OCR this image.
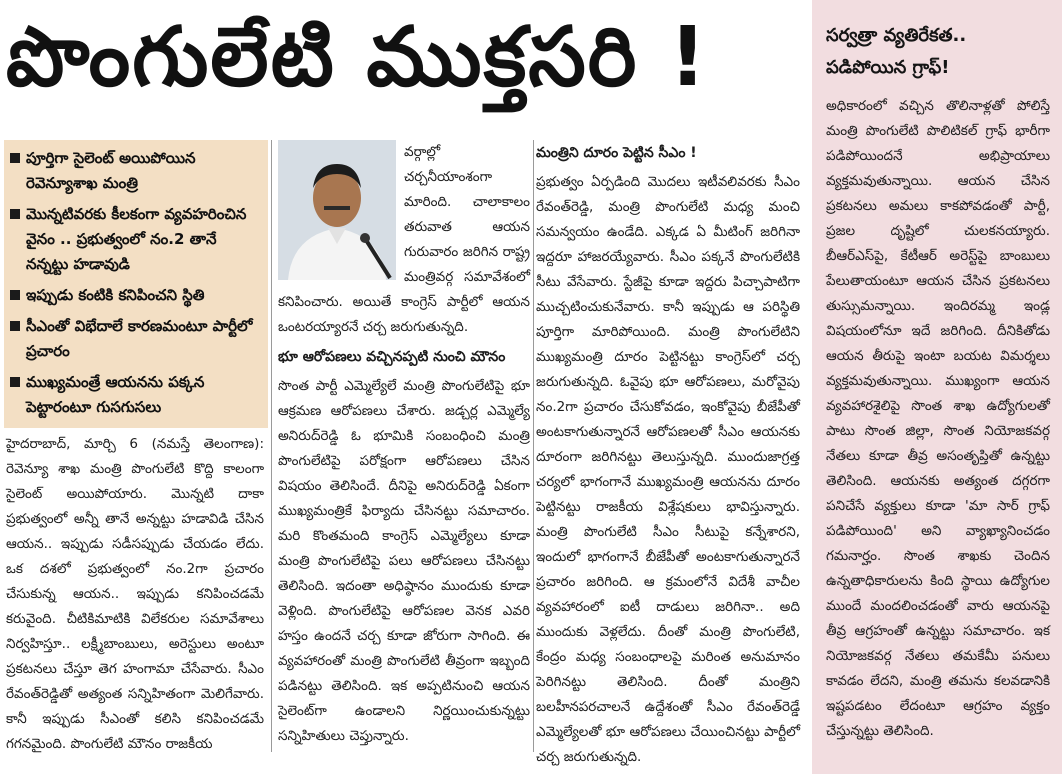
పొంగులేటి ముక్తసరి !
పూర్తిగా సైలెంట్ అయిపోయిన రెవెన్యూశాఖ మంత్రి
మొన్నటివరకు కీలకంగా వ్యవహరించిన వైనం .. ప్రభుత్వంలో నం.2 తానే నన్నట్టు హడావుడి
ఇప్పుడు కంటికి కనిపించని స్థితి
సీఎంతో విభేదాలే కారణమంటూ పార్టీలో ప్రచారం
ముఖ్యమంత్రే ఆయనను పక్కన పెట్టారంటూ గుసగుసలు

హైదరాబాద్, మార్చి 6 (నమస్తే తెలంగాణ): రెవెన్యూ శాఖ మంత్రి పొంగులేటి కొద్ది కాలంగా సైలెంట్ అయిపోయారు. మొన్నటి దాకా ప్రభుత్వంలో అన్నీ తానే అన్నట్టు హడావిడి చేసిన ఆయన.. ఇప్పుడు సడీసప్పుడు చేయడం లేదు. ఒక దశలో ప్రభుత్వంలో నం.2గా ప్రచారం చేసుకున్న ఆయన.. ఇప్పుడు కనిపించడమే కరువైంది. చీటికిమాటికి విలేకరుల సమావేశాలు నిర్వహిస్తూ.. లక్ష్మీబాంబులు, అరెస్టులు అంటూ ప్రకటనలు చేస్తూ తెగ హంగామా చేసేవారు. సీఎం రేవంత్‌రెడ్డితో అత్యంత సన్నిహితంగా మెలిగేవారు. కానీ ఇప్పుడు సీఎంతో కలిసి కనిపించడమే గగనమైంది. పొంగులేటి మౌనం రాజకీయ

వర్గాల్లో చర్చనీయాంశంగా మారింది. చాలాకాలం తరువాత ఆయన గురువారం జరిగిన రాష్ట్ర మంత్రివర్గ సమావేశంలో కనిపించారు. అయితే కాంగ్రెస్ పార్టీలో ఆయన ఒంటరయ్యారనే చర్చ జరుగుతున్నది.

భూ ఆరోపణలు వచ్చినప్పటి నుంచి మౌనం

సొంత పార్టీ ఎమ్మెల్యేలే మంత్రి పొంగులేటిపై భూ ఆక్రమణ ఆరోపణలు చేశారు. జడ్చర్ల ఎమ్మెల్యే అనిరుద్‌రెడ్డి ఓ భూమికి సంబంధించి మంత్రి పొంగులేటిపై పరోక్షంగా ఆరోపణలు చేసిన విషయం తెలిసిందే. దీనిపై అనిరుద్‌రెడ్డి ఏకంగా ముఖ్యమంత్రికే ఫిర్యాదు చేసినట్టు సమాచారం. మరి కొంతమంది కాంగ్రెస్ ఎమ్మెల్యేలు కూడా మంత్రి పొంగులేటిపై పలు ఆరోపణలు చేసినట్టు తెలిసింది. ఇదంతా అధిష్ఠానం ముందుకు కూడా వెళ్లింది. పొంగులేటిపై ఆరోపణల వెనక ఎవరి హస్తం ఉందనే చర్చ కూడా జోరుగా సాగింది. ఈ వ్యవహారంతో మంత్రి పొంగులేటి తీవ్రంగా ఇబ్బంది పడినట్టు తెలిసింది. ఇక అప్పటినుంచి ఆయన సైలెంట్‌గా ఉండాలని నిర్ణయించుకున్నట్టు సన్నిహితులు చెప్తున్నారు.

మంత్రిని దూరం పెట్టిన సీఎం !

ప్రభుత్వం ఏర్పడింది మొదలు ఇటీవలివరకు సీఎం రేవంత్‌రెడ్డి, మంత్రి పొంగులేటి మధ్య మంచి సమన్వయం ఉండేది. ఎక్కడ ఏ మీటింగ్ జరిగినా ఇద్దరూ హాజరయ్యేవారు. సీఎం పక్కనే పొంగులేటికి సీటు వేసేవారు. స్టేజీపై కూడా ఇద్దరు పిచ్చాపాటిగా ముచ్చటించుకునేవారు. కానీ ఇప్పుడు ఆ పరిస్థితి పూర్తిగా మారిపోయింది. మంత్రి పొంగులేటిని ముఖ్యమంత్రి దూరం పెట్టినట్టు కాంగ్రెస్‌లో చర్చ జరుగుతున్నది. ఓవైపు భూ ఆరోపణలు, మరోవైపు నం.2గా ప్రచారం చేసుకోవడం, ఇంకోవైపు బీజేపీతో అంటకాగుతున్నారనే ఆరోపణలతో సీఎం ఆయనకు దూరంగా జరిగినట్టు తెలుస్తున్నది. ముందుజాగ్రత్త చర్యలో భాగంగానే ముఖ్యమంత్రి ఆయనను దూరం పెట్టినట్టు రాజకీయ విశ్లేషకులు భావిస్తున్నారు. మంత్రి పొంగులేటి సీఎం సీటుపై కన్నేశారని, ఇందులో భాగంగానే బీజేపీతో అంటకాగుతున్నారనే ప్రచారం జరిగింది. ఆ క్రమంలోనే విదేశీ వాచీల వ్యవహారంలో ఐటీ దాడులు జరిగినా.. అది ముందుకు వెళ్లలేదు. దీంతో మంత్రి పొంగులేటి, కేంద్రం మధ్య సంబంధాలపై మరింత అనుమానం పెరిగినట్టు తెలిసింది. దీంతో మంత్రిని బలహీనపరచాలనే ఉద్దేశంతో సీఎం రేవంత్‌రెడ్డే ఎమ్మెల్యేలతో భూ ఆరోపణలు చేయించినట్టు పార్టీలో చర్చ జరుగుతున్నది.

సర్వత్రా వ్యతిరేకత.. పడిపోయిన గ్రాఫ్!
అధికారంలో వచ్చిన తొలినాళ్లతో పోలిస్తే మంత్రి పొంగులేటి పొలిటికల్ గ్రాఫ్ భారీగా పడిపోయిందనే అభిప్రాయాలు వ్యక్తమవుతున్నాయి. ఆయన చేసిన ప్రకటనలు అమలు కాకపోవడంతో పార్టీ, ప్రజల దృష్టిలో చులకనయ్యారు. బీఆర్‌ఎస్‌పై, కేటీఆర్ అరెస్ట్‌పై బాంబులు పేలుతాయంటూ ఆయన చేసిన ప్రకటనలు తుస్సుమన్నాయి. ఇందిరమ్మ ఇండ్ల విషయంలోనూ ఇదే జరిగింది. దీనికితోడు ఆయన తీరుపై ఇంటా బయట విమర్శలు వ్యక్తమవుతున్నాయి. ముఖ్యంగా ఆయన వ్యవహారశైలిపై సొంత శాఖ ఉద్యోగులతో పాటు సొంత జిల్లా, సొంత నియోజకవర్గ నేతలు కూడా తీవ్ర అసంతృప్తితో ఉన్నట్టు తెలిసింది. ఆయనకు అత్యంత దగ్గరగా పనిచేసే వ్యక్తులు కూడా 'మా సార్ గ్రాఫ్ పడిపోయింది' అని వ్యాఖ్యానించడం గమనార్హం. సొంత శాఖకు చెందిన ఉన్నతాధికారులను కింది స్థాయి ఉద్యోగుల ముందే మందలించడంతో వారు ఆయనపై తీవ్ర ఆగ్రహంతో ఉన్నట్టు సమాచారం. ఇక నియోజకవర్గ నేతలు తమకేమీ పనులు కావడం లేదని, మంత్రి తమను కలవడానికి ఇష్టపడటం లేదంటూ ఆగ్రహం వ్యక్తం చేస్తున్నట్టు తెలిసింది.
